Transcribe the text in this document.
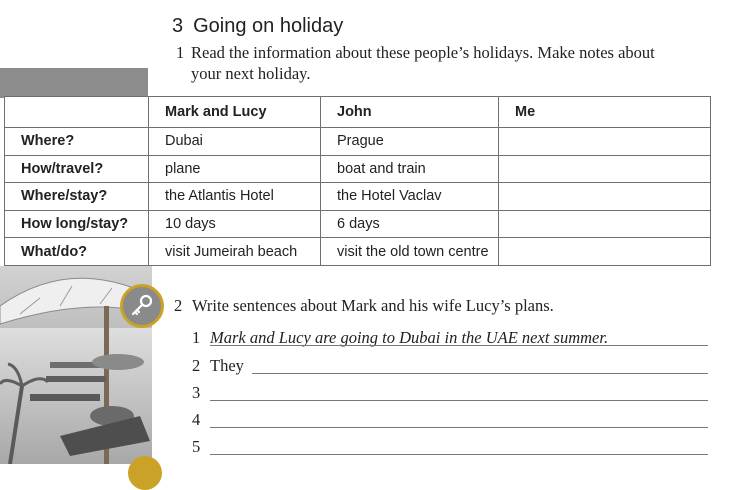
3 Going on holiday
1 Read the information about these people’s holidays. Make notes about
your next holiday.
	Mark and Lucy	John	Me
Where?	Dubai	Prague	
How/travel?	plane	boat and train	
Where/stay?	the Atlantis Hotel	the Hotel Vaclav	
How long/stay?	10 days	6 days	
What/do?	visit Jumeirah beach	visit the old town centre	
2 Write sentences about Mark and his wife Lucy’s plans.
1 Mark and Lucy are going to Dubai in the UAE next summer.
2 They
3
4
5
